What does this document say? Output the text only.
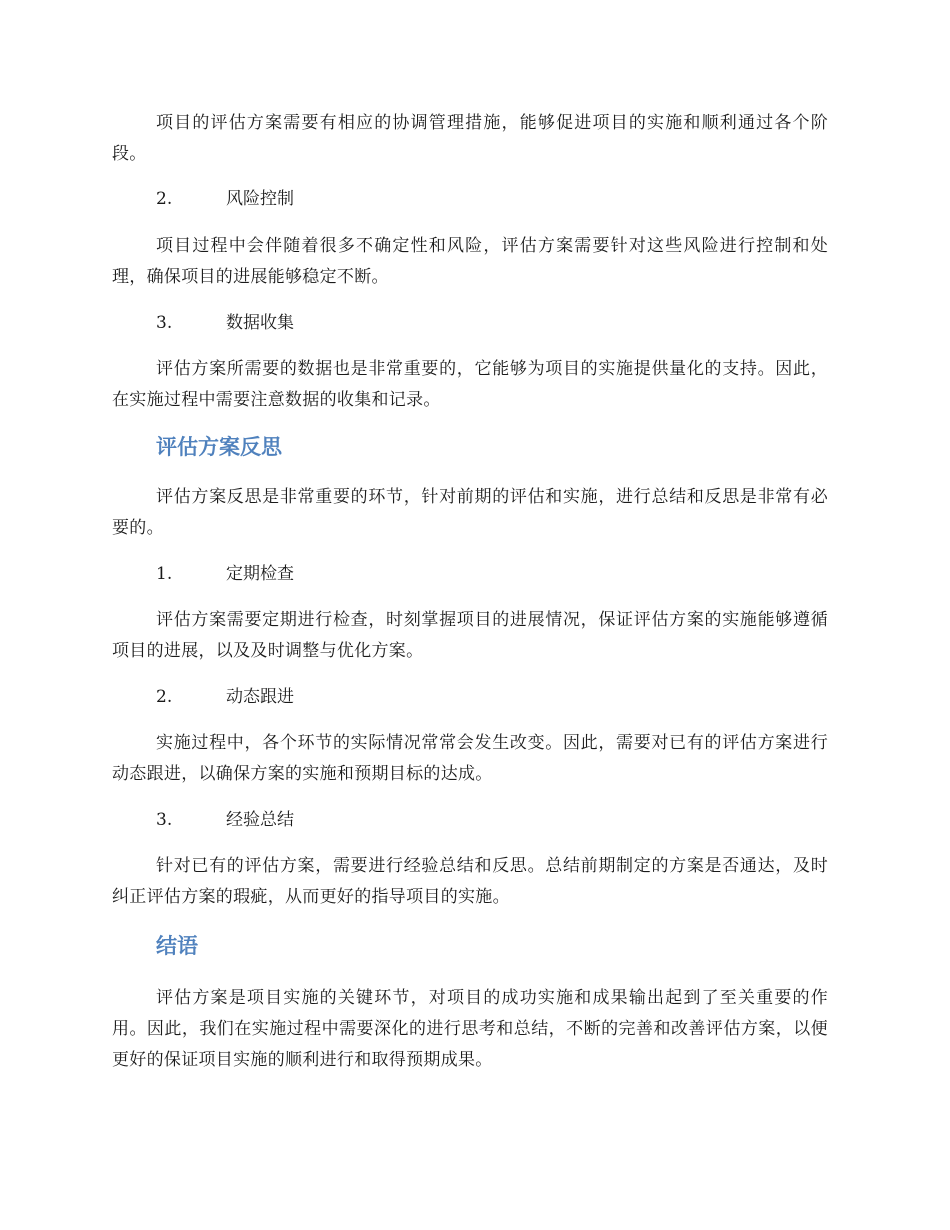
项目的评估方案需要有相应的协调管理措施，能够促进项目的实施和顺利通过各个阶段。

2.	风险控制

项目过程中会伴随着很多不确定性和风险，评估方案需要针对这些风险进行控制和处理，确保项目的进展能够稳定不断。

3.	数据收集

评估方案所需要的数据也是非常重要的，它能够为项目的实施提供量化的支持。因此，在实施过程中需要注意数据的收集和记录。

评估方案反思

评估方案反思是非常重要的环节，针对前期的评估和实施，进行总结和反思是非常有必要的。

1.	定期检查

评估方案需要定期进行检查，时刻掌握项目的进展情况，保证评估方案的实施能够遵循项目的进展，以及及时调整与优化方案。

2.	动态跟进

实施过程中，各个环节的实际情况常常会发生改变。因此，需要对已有的评估方案进行动态跟进，以确保方案的实施和预期目标的达成。

3.	经验总结

针对已有的评估方案，需要进行经验总结和反思。总结前期制定的方案是否通达，及时纠正评估方案的瑕疵，从而更好的指导项目的实施。

结语

评估方案是项目实施的关键环节，对项目的成功实施和成果输出起到了至关重要的作用。因此，我们在实施过程中需要深化的进行思考和总结，不断的完善和改善评估方案，以便更好的保证项目实施的顺利进行和取得预期成果。
